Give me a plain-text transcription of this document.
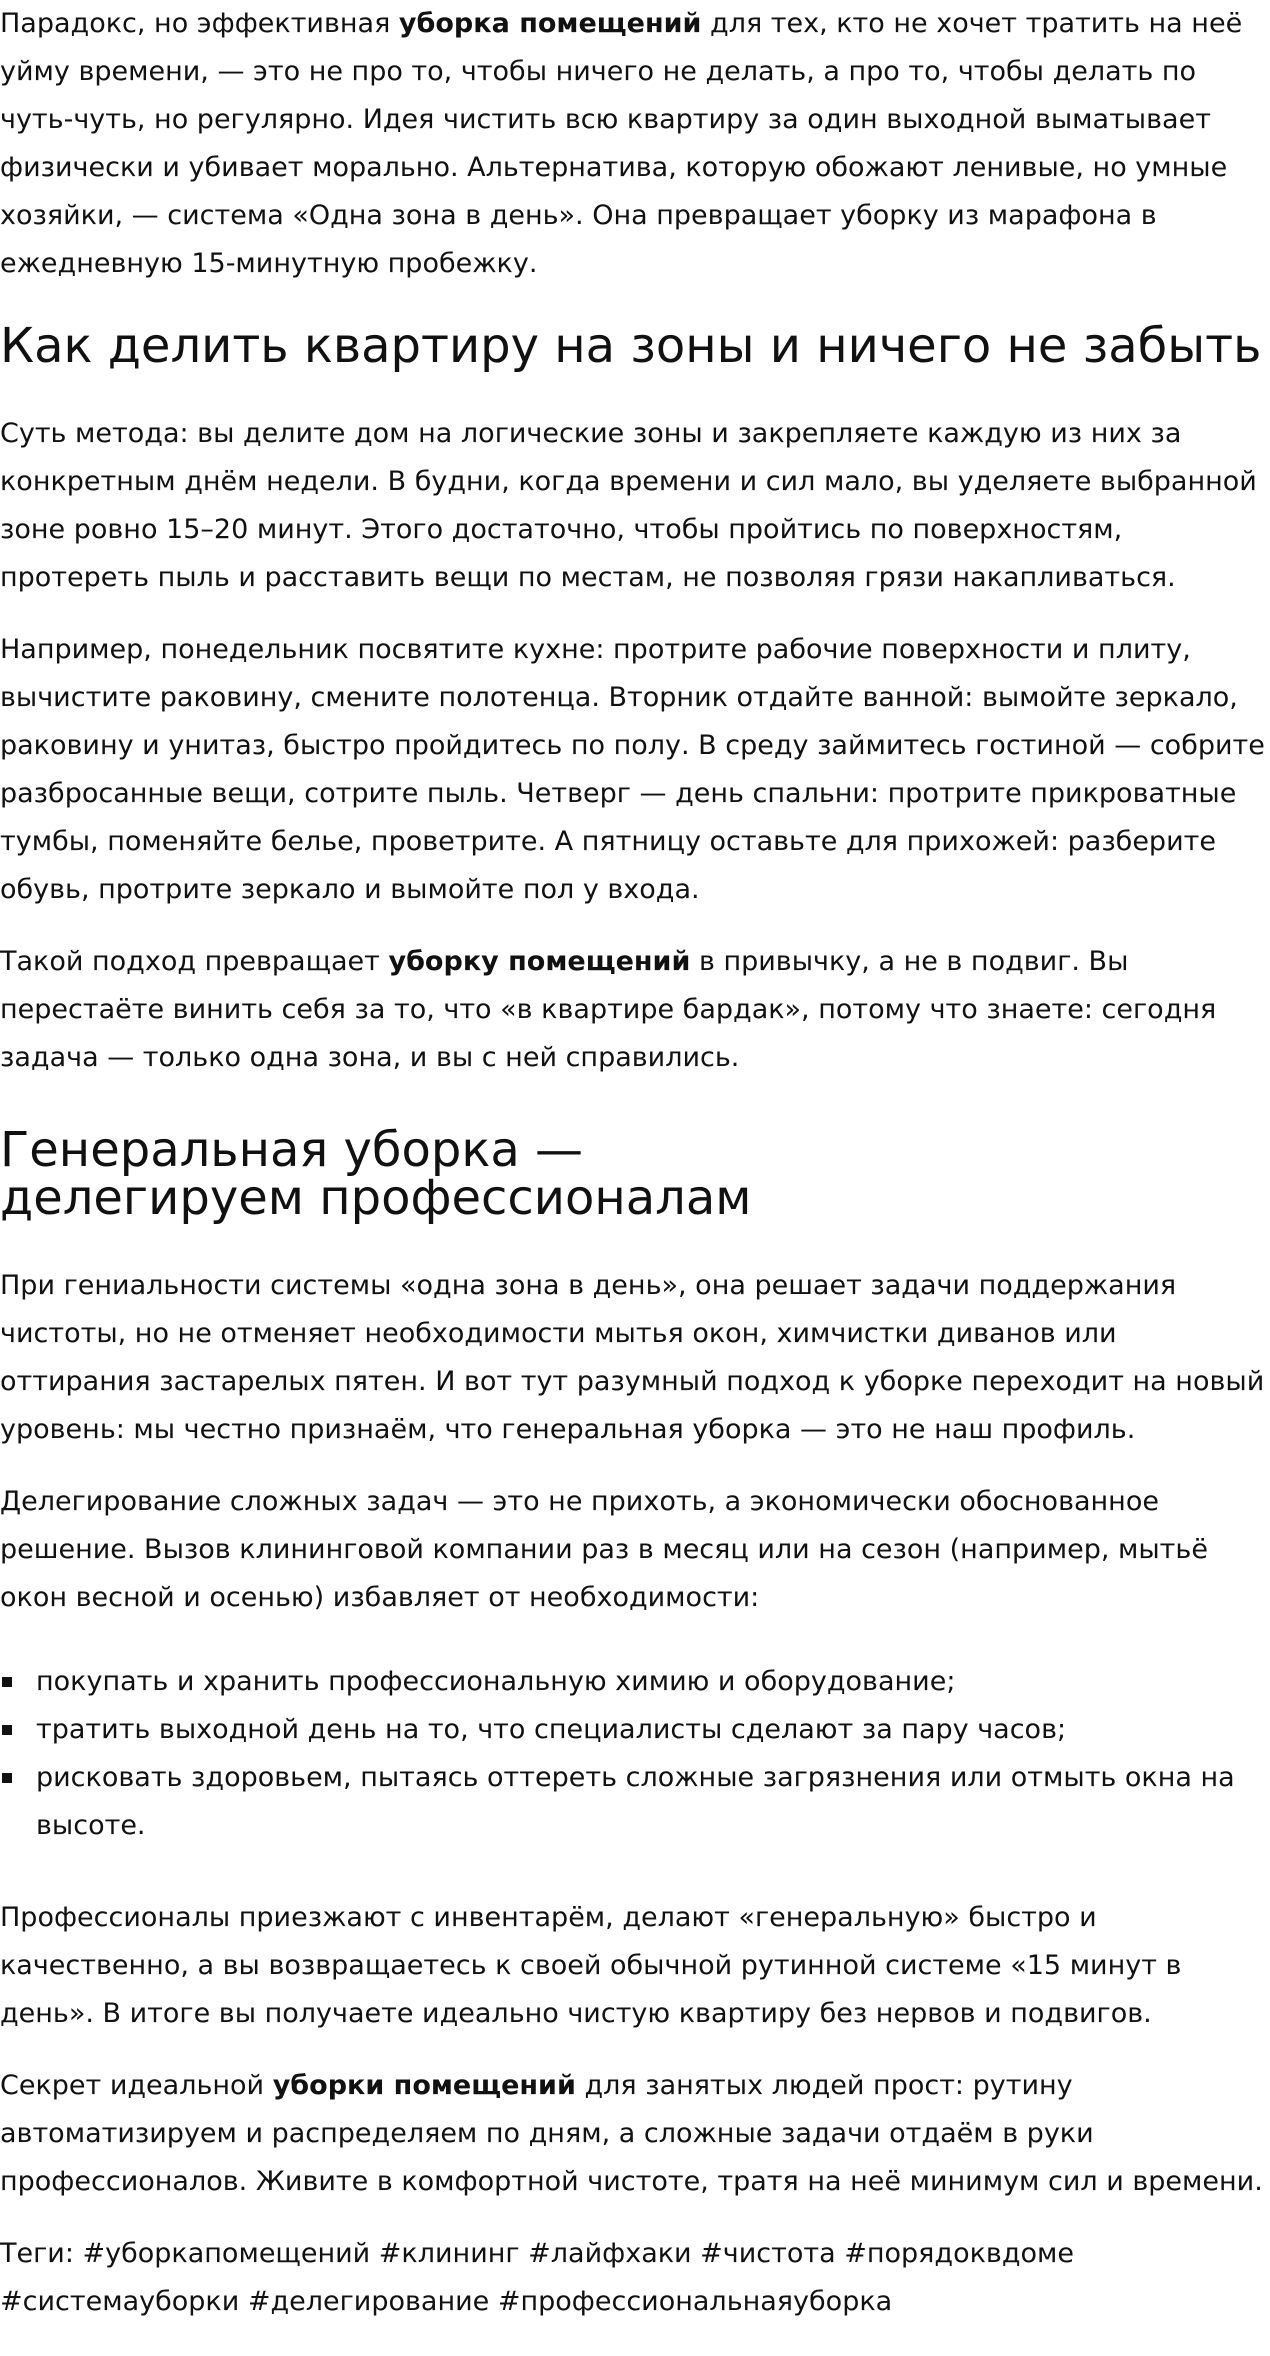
Парадокс, но эффективная уборка помещений для тех, кто не хочет тратить на неё уйму времени, — это не про то, чтобы ничего не делать, а про то, чтобы делать по чуть-чуть, но регулярно. Идея чистить всю квартиру за один выходной выматывает физически и убивает морально. Альтернатива, которую обожают ленивые, но умные хозяйки, — система «Одна зона в день». Она превращает уборку из марафона в ежедневную 15-минутную пробежку.

Как делить квартиру на зоны и ничего не забыть

Суть метода: вы делите дом на логические зоны и закрепляете каждую из них за конкретным днём недели. В будни, когда времени и сил мало, вы уделяете выбранной зоне ровно 15–20 минут. Этого достаточно, чтобы пройтись по поверхностям, протереть пыль и расставить вещи по местам, не позволяя грязи накапливаться.

Например, понедельник посвятите кухне: протрите рабочие поверхности и плиту, вычистите раковину, смените полотенца. Вторник отдайте ванной: вымойте зеркало, раковину и унитаз, быстро пройдитесь по полу. В среду займитесь гостиной — собрите разбросанные вещи, сотрите пыль. Четверг — день спальни: протрите прикроватные тумбы, поменяйте белье, проветрите. А пятницу оставьте для прихожей: разберите обувь, протрите зеркало и вымойте пол у входа.

Такой подход превращает уборку помещений в привычку, а не в подвиг. Вы перестаёте винить себя за то, что «в квартире бардак», потому что знаете: сегодня задача — только одна зона, и вы с ней справились.

Генеральная уборка — делегируем профессионалам

При гениальности системы «одна зона в день», она решает задачи поддержания чистоты, но не отменяет необходимости мытья окон, химчистки диванов или оттирания застарелых пятен. И вот тут разумный подход к уборке переходит на новый уровень: мы честно признаём, что генеральная уборка — это не наш профиль.

Делегирование сложных задач — это не прихоть, а экономически обоснованное решение. Вызов клининговой компании раз в месяц или на сезон (например, мытьё окон весной и осенью) избавляет от необходимости:

покупать и хранить профессиональную химию и оборудование;
тратить выходной день на то, что специалисты сделают за пару часов;
рисковать здоровьем, пытаясь оттереть сложные загрязнения или отмыть окна на высоте.

Профессионалы приезжают с инвентарём, делают «генеральную» быстро и качественно, а вы возвращаетесь к своей обычной рутинной системе «15 минут в день». В итоге вы получаете идеально чистую квартиру без нервов и подвигов.

Секрет идеальной уборки помещений для занятых людей прост: рутину автоматизируем и распределяем по дням, а сложные задачи отдаём в руки профессионалов. Живите в комфортной чистоте, тратя на неё минимум сил и времени.

Теги: #уборкапомещений #клининг #лайфхаки #чистота #порядоквдоме #системауборки #делегирование #профессиональнаяуборка
